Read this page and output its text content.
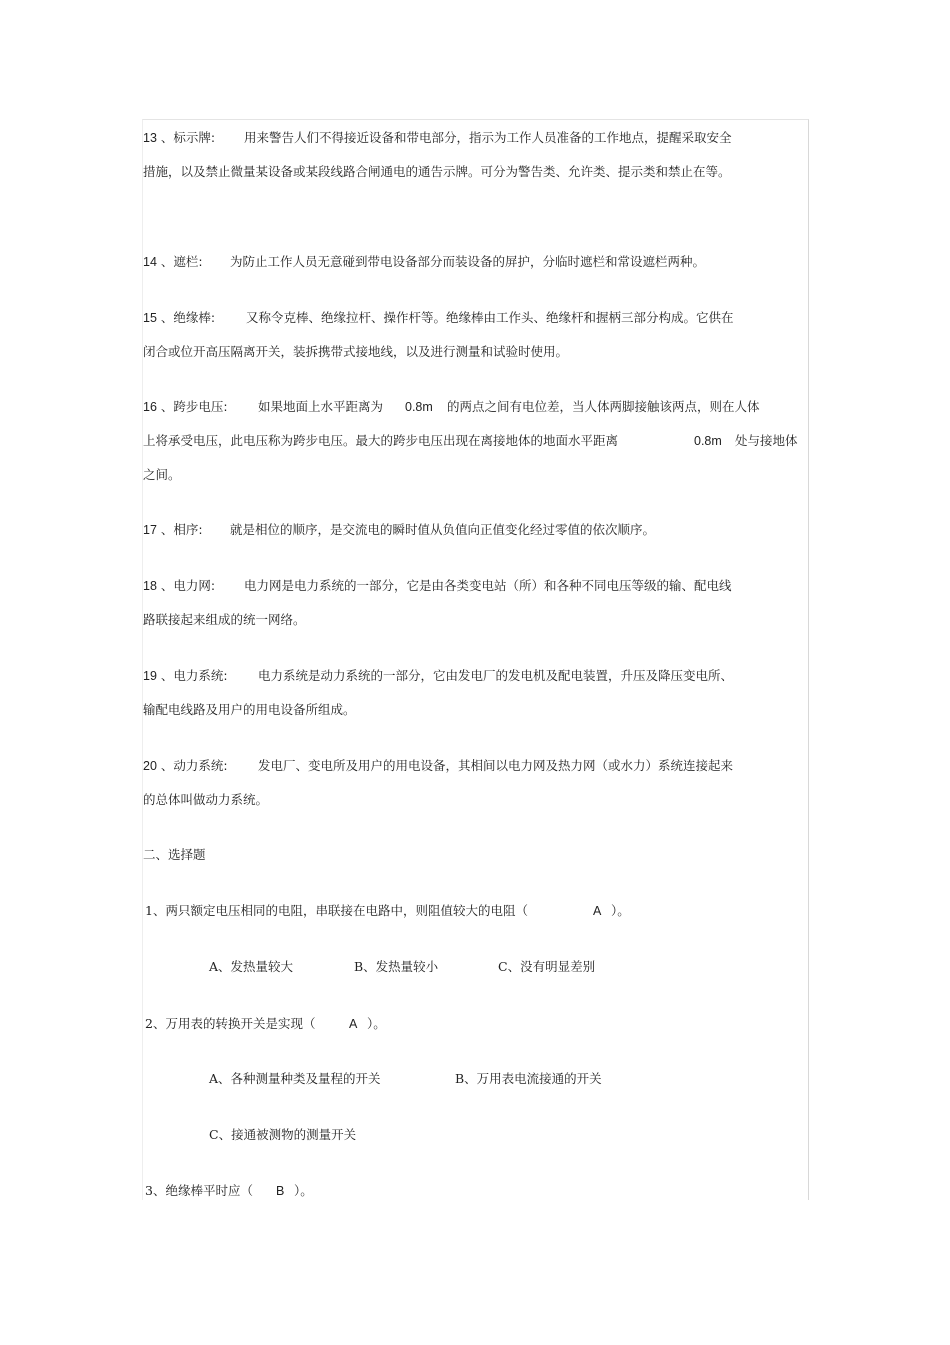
13 、标示牌: 用来警告人们不得接近设备和带电部分，指示为工作人员准备的工作地点，提醒采取安全
措施，以及禁止微量某设备或某段线路合闸通电的通告示牌。可分为警告类、允许类、提示类和禁止在等。
14 、遮栏: 为防止工作人员无意碰到带电设备部分而装设备的屏护，分临时遮栏和常设遮栏两种。
15 、绝缘棒: 又称令克棒、绝缘拉杆、操作杆等。绝缘棒由工作头、绝缘杆和握柄三部分构成。它供在
闭合或位开高压隔离开关，装拆携带式接地线，以及进行测量和试验时使用。
16 、跨步电压: 如果地面上水平距离为 0.8m 的两点之间有电位差，当人体两脚接触该两点，则在人体
上将承受电压，此电压称为跨步电压。最大的跨步电压出现在离接地体的地面水平距离	0.8m 处与接地体
之间。
17 、相序: 就是相位的顺序，是交流电的瞬时值从负值向正值变化经过零值的依次顺序。
18 、电力网: 电力网是电力系统的一部分，它是由各类变电站（所）和各种不同电压等级的输、配电线
路联接起来组成的统一网络。
19 、电力系统: 电力系统是动力系统的一部分，它由发电厂的发电机及配电装置，升压及降压变电所、
输配电线路及用户的用电设备所组成。
20 、动力系统: 发电厂、变电所及用户的用电设备，其相间以电力网及热力网（或水力）系统连接起来
的总体叫做动力系统。
二、选择题
1、两只额定电压相同的电阻，串联接在电路中，则阻值较大的电阻（	A ）。
A、发热量较大	B、发热量较小	C、没有明显差别
2、万用表的转换开关是实现（	A ）。
A、各种测量种类及量程的开关	B、万用表电流接通的开关
C、接通被测物的测量开关
3、绝缘棒平时应（ B ）。
